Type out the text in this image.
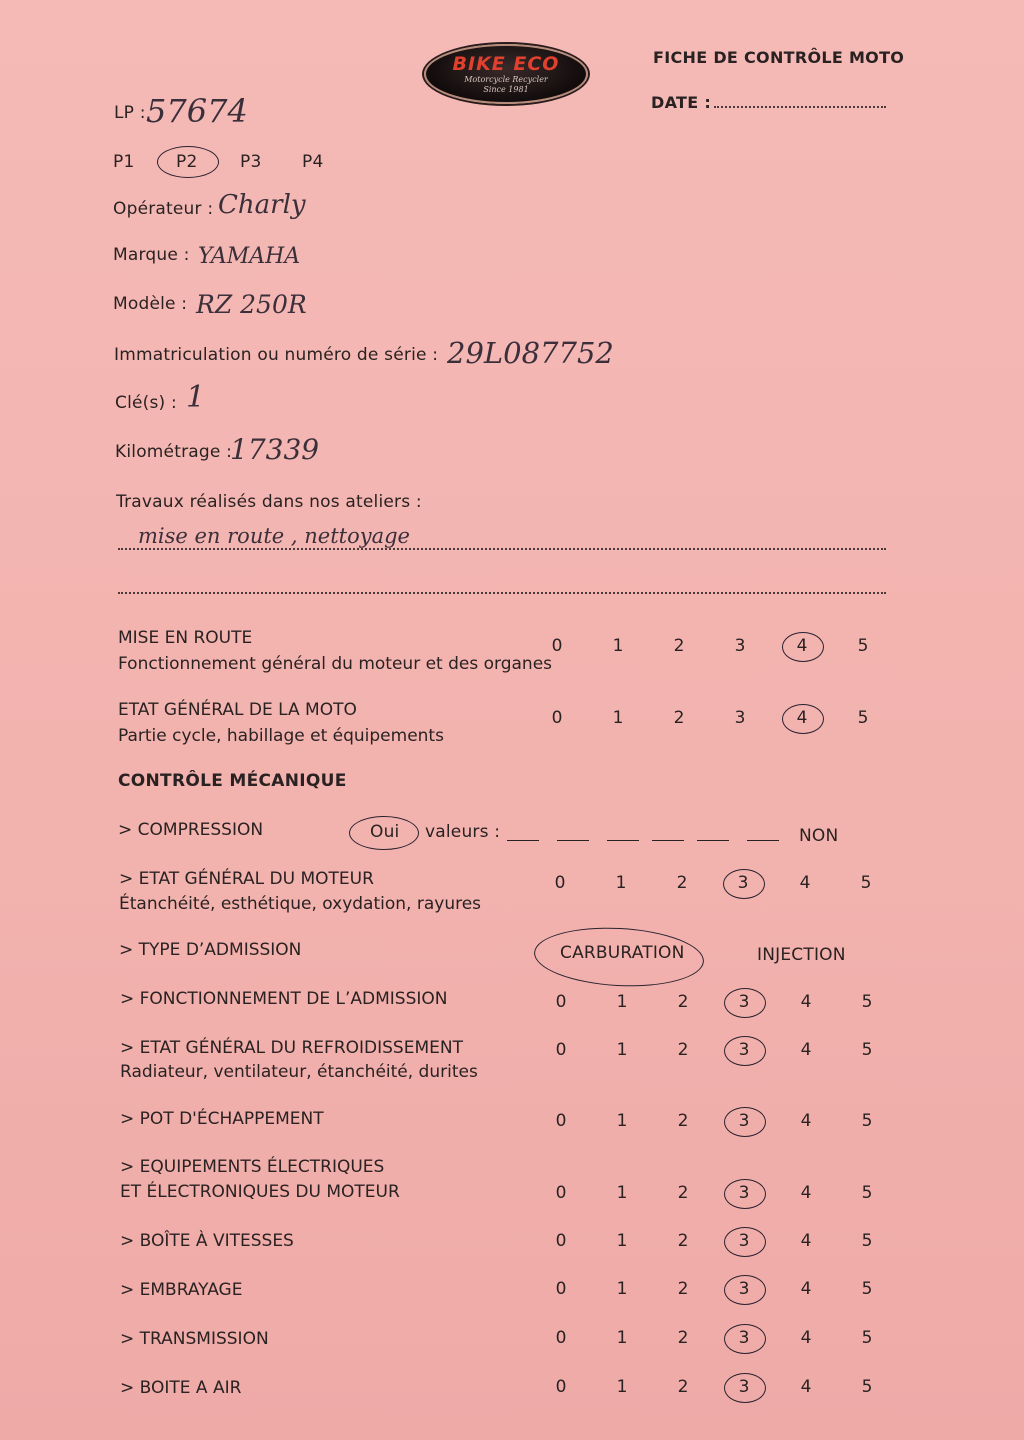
BIKE ECO
Motorcycle Recycler
Since 1981
FICHE DE CONTRÔLE MOTO
DATE :
LP : 57674
Opérateur : Charly
Marque : YAMAHA
Modèle : RZ 250R
Immatriculation ou numéro de série : 29L087752
Clé(s) : 1
Kilométrage :
17339
Travaux réalisés dans nos ateliers :
mise en route , nettoyage
CONTRÔLE MÉCANIQUE
> COMPRESSION	Oui valeurs :	NON
> TYPE D’ADMISSION	CARBURATION	INJECTION
P1 P2	P3 P4
MISE EN ROUTE
Fonctionnement général du moteur et des organes
0	1	2	3	4	5
ETAT GÉNÉRAL DE LA MOTO
Partie cycle, habillage et équipements
0	1	2	3	4	5
> ETAT GÉNÉRAL DU MOTEUR
Étanchéité, esthétique, oxydation, rayures
0	1	2	3	4	5
> FONCTIONNEMENT DE L’ADMISSION	0	1	2	3	4	5
> ETAT GÉNÉRAL DU REFROIDISSEMENT
Radiateur, ventilateur, étanchéité, durites
0	1	2	3	4	5
> POT D'ÉCHAPPEMENT	0	1	2	3	4	5
> EQUIPEMENTS ÉLECTRIQUES
ET ÉLECTRONIQUES DU MOTEUR	0	1	2	3	4	5
> BOÎTE À VITESSES	0	1	2	3	4	5
> EMBRAYAGE	0	1	2	3	4	5
> TRANSMISSION	0	1	2	3	4	5
> BOITE A AIR	0	1	2	3	4	5
